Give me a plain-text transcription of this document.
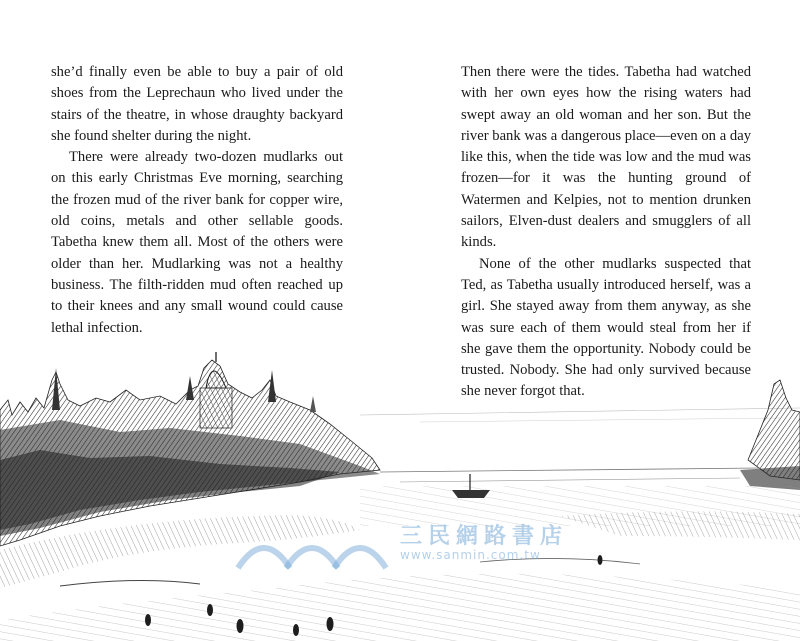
she’d finally even be able to buy a pair of old shoes from the Leprechaun who lived under the stairs of the theatre, in whose draughty backyard she found shelter during the night.

There were already two-dozen mudlarks out on this early Christmas Eve morning, searching the frozen mud of the river bank for copper wire, old coins, metals and other sellable goods. Tabetha knew them all. Most of the others were older than her. Mudlarking was not a healthy business. The filth-ridden mud often reached up to their knees and any small wound could cause lethal infection.

Then there were the tides. Tabetha had watched with her own eyes how the rising waters had swept away an old woman and her son. But the river bank was a dangerous place—even on a day like this, when the tide was low and the mud was frozen—for it was the hunting ground of Watermen and Kelpies, not to mention drunken sailors, Elven-dust dealers and smugglers of all kinds.

None of the other mudlarks suspected that Ted, as Tabetha usually introduced herself, was a girl. She stayed away from them anyway, as she was sure each of them would steal from her if she gave them the opportunity. Nobody could be trusted. Nobody. She had only survived because she never forgot that.

三民網路書店
www.sanmin.com.tw
